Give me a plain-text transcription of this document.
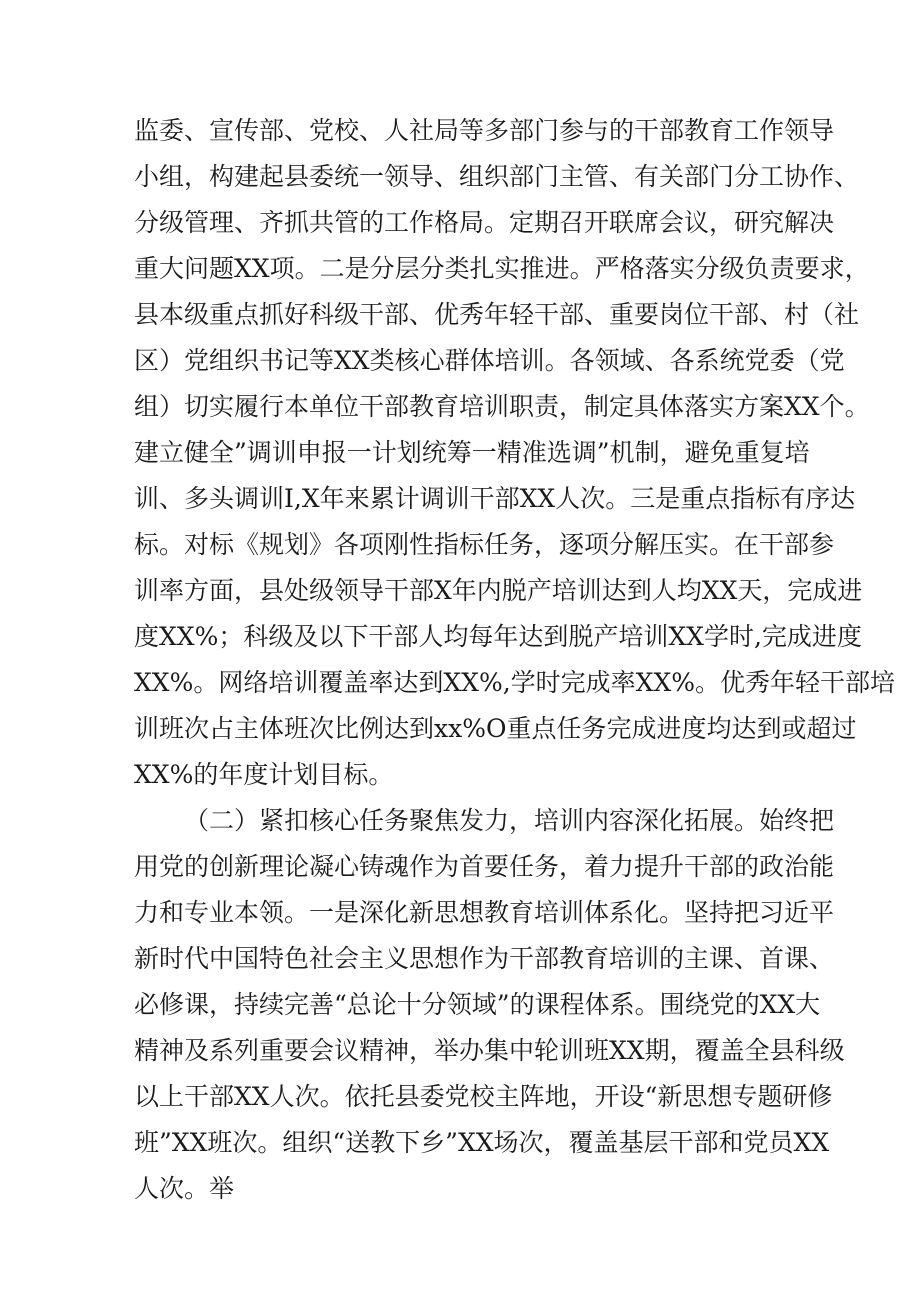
监委、宣传部、党校、人社局等多部门参与的干部教育工作领导
小组，构建起县委统一领导、组织部门主管、有关部门分工协作、
分级管理、齐抓共管的工作格局。定期召开联席会议，研究解决
重大问题XX项。二是分层分类扎实推进。严格落实分级负责要求，
县本级重点抓好科级干部、优秀年轻干部、重要岗位干部、村（社
区）党组织书记等XX类核心群体培训。各领域、各系统党委（党
组）切实履行本单位干部教育培训职责，制定具体落实方案XX个。
建立健全”调训申报一计划统筹一精准选调”机制，避免重复培
训、多头调训I,X年来累计调训干部XX人次。三是重点指标有序达
标。对标《规划》各项刚性指标任务，逐项分解压实。在干部参
训率方面，县处级领导干部X年内脱产培训达到人均XX天，完成进
度XX%；科级及以下干部人均每年达到脱产培训XX学时,完成进度
XX%。网络培训覆盖率达到XX%,学时完成率XX%。优秀年轻干部培
训班次占主体班次比例达到xx%O重点任务完成进度均达到或超过
XX%的年度计划目标。
（二）紧扣核心任务聚焦发力，培训内容深化拓展。始终把
用党的创新理论凝心铸魂作为首要任务，着力提升干部的政治能
力和专业本领。一是深化新思想教育培训体系化。坚持把习近平
新时代中国特色社会主义思想作为干部教育培训的主课、首课、
必修课，持续完善“总论十分领域”的课程体系。围绕党的XX大
精神及系列重要会议精神，举办集中轮训班XX期，覆盖全县科级
以上干部XX人次。依托县委党校主阵地，开设“新思想专题研修
班”XX班次。组织“送教下乡”XX场次，覆盖基层干部和党员XX
人次。举
